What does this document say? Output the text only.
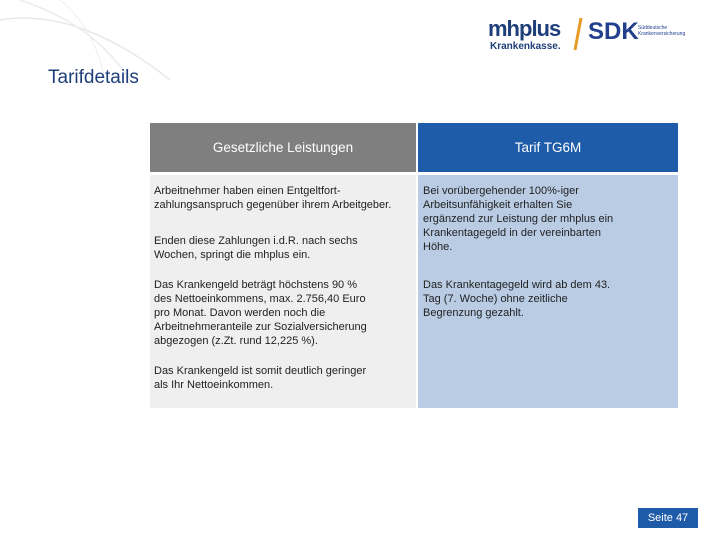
mhplus
Krankenkasse.
SDK Süddeutsche Krankenversicherung
Tarifdetails
Gesetzliche Leistungen	Tarif TG6M

Arbeitnehmer haben einen Entgeltfort-
zahlungsanspruch gegenüber ihrem Arbeitgeber.

Enden diese Zahlungen i.d.R. nach sechs
Wochen, springt die mhplus ein.

Das Krankengeld beträgt höchstens 90 %
des Nettoeinkommens, max. 2.756,40 Euro
pro Monat. Davon werden noch die
Arbeitnehmeranteile zur Sozialversicherung
abgezogen (z.Zt. rund 12,225 %).

Das Krankengeld ist somit deutlich geringer
als Ihr Nettoeinkommen.

Bei vorübergehender 100%-iger
Arbeitsunfähigkeit erhalten Sie
ergänzend zur Leistung der mhplus ein
Krankentagegeld in der vereinbarten
Höhe.

Das Krankentagegeld wird ab dem 43.
Tag (7. Woche) ohne zeitliche
Begrenzung gezahlt.

Seite 47
